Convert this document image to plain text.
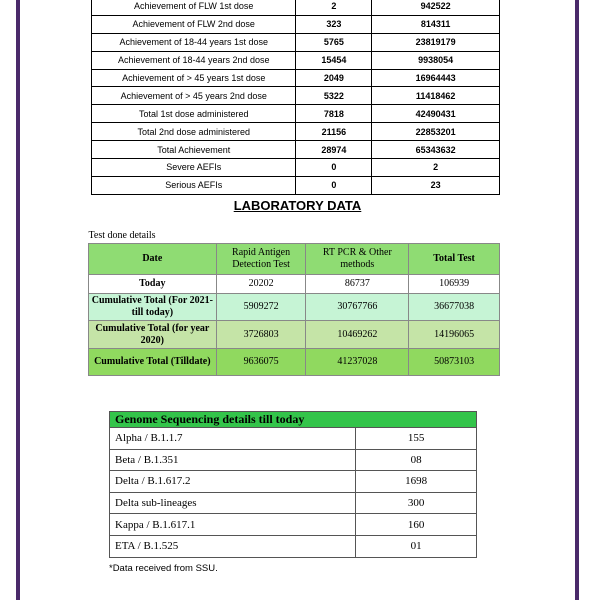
Achievement of FLW 1st dose	2	942522
Achievement of FLW 2nd dose	323	814311
Achievement of 18-44 years 1st dose	5765	23819179
Achievement of 18-44 years 2nd dose	15454	9938054
Achievement of > 45 years 1st dose	2049	16964443
Achievement of > 45 years 2nd dose	5322	11418462
Total 1st dose administered	7818	42490431
Total 2nd dose administered	21156	22853201
Total Achievement	28974	65343632
Severe AEFIs	0	2
Serious AEFIs	0	23
LABORATORY DATA
Test done details			
Date	Rapid Antigen Detection Test	RT PCR & Other methods	Total Test
Today	20202	86737	106939
Cumulative Total (For 2021- till today)	5909272	30767766	36677038
Cumulative Total (for year 2020)	3726803	10469262	14196065
Cumulative Total (Tilldate)	9636075	41237028	50873103
Genome Sequencing details till today	
Alpha / B.1.1.7	155
Beta / B.1.351	08
Delta / B.1.617.2	1698
Delta sub-lineages	300
Kappa / B.1.617.1	160
ETA / B.1.525	01
*Data received from SSU.
